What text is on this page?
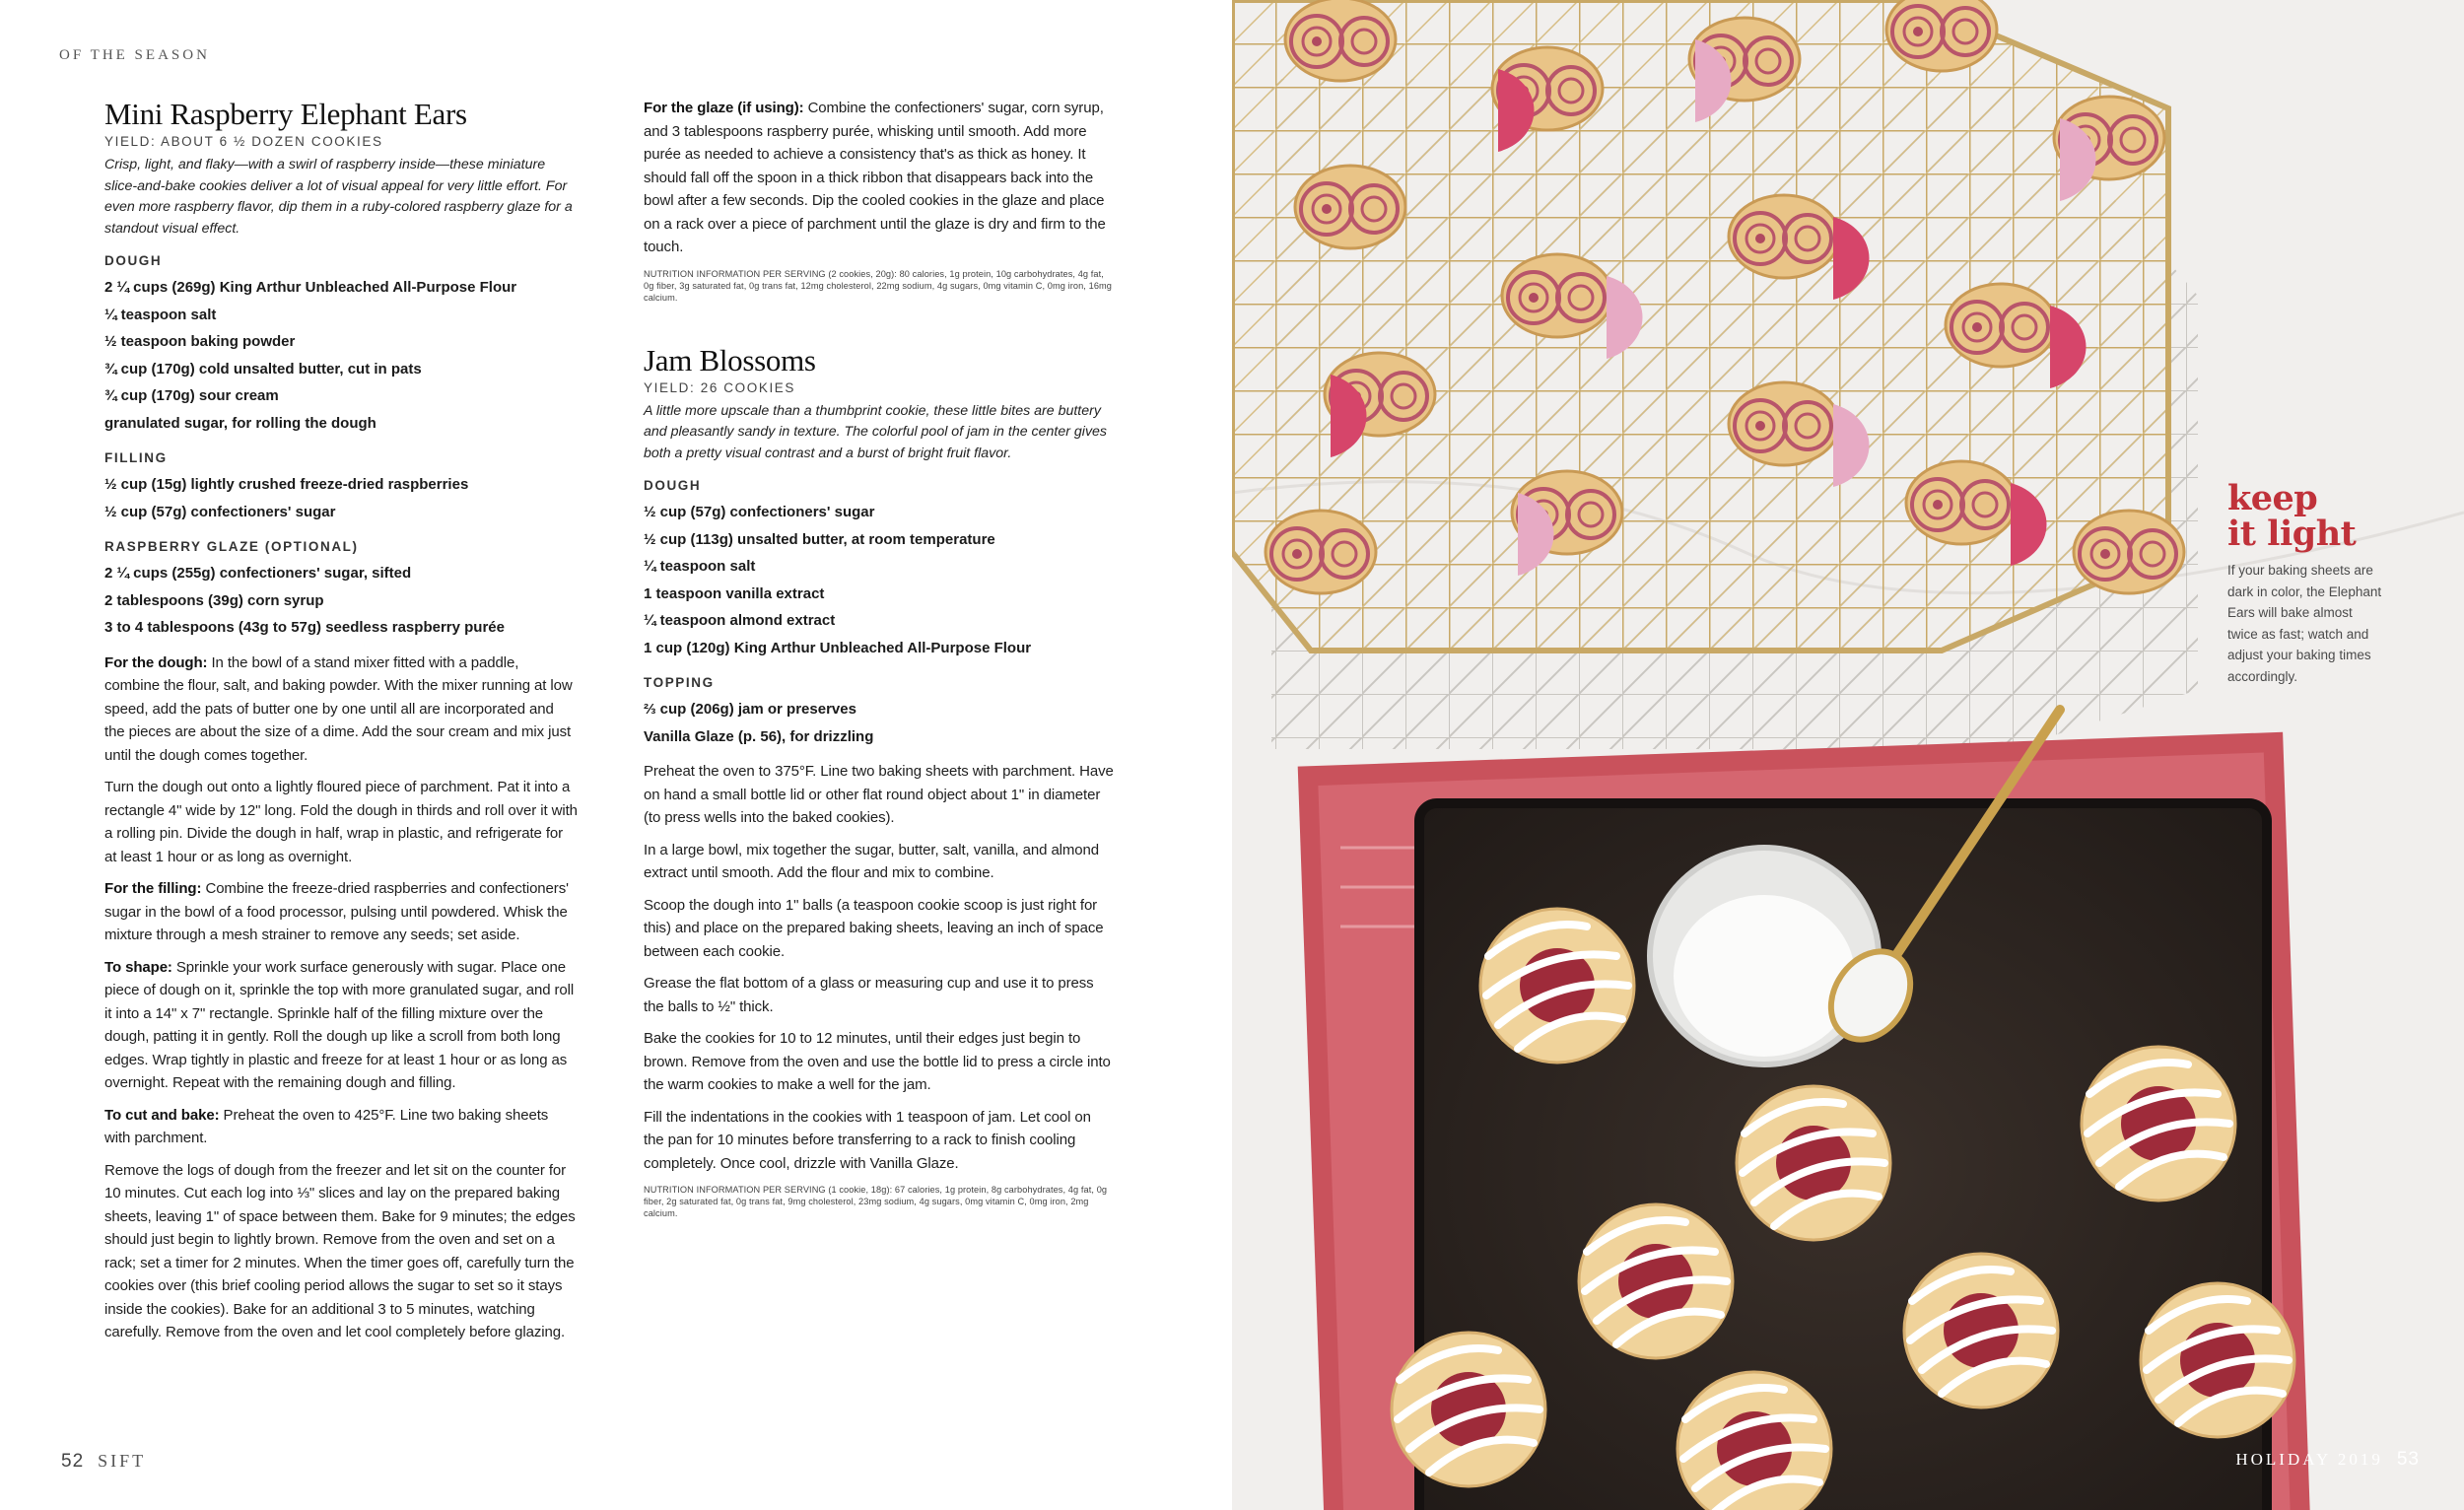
OF THE SEASON
Mini Raspberry Elephant Ears
YIELD: ABOUT 6 ½ DOZEN COOKIES

Crisp, light, and flaky—with a swirl of raspberry inside—these miniature slice-and-bake cookies deliver a lot of visual appeal for very little effort. For even more raspberry flavor, dip them in a ruby-colored raspberry glaze for a standout visual effect.

DOUGH
2 ¼ cups (269g) King Arthur Unbleached All-Purpose Flour
¼ teaspoon salt
½ teaspoon baking powder
¾ cup (170g) cold unsalted butter, cut in pats
¾ cup (170g) sour cream
granulated sugar, for rolling the dough
FILLING
½ cup (15g) lightly crushed freeze-dried raspberries
½ cup (57g) confectioners' sugar
RASPBERRY GLAZE (OPTIONAL)
2 ¼ cups (255g) confectioners' sugar, sifted
2 tablespoons (39g) corn syrup
3 to 4 tablespoons (43g to 57g) seedless raspberry purée

For the dough: In the bowl of a stand mixer fitted with a paddle, combine the flour, salt, and baking powder. With the mixer running at low speed, add the pats of butter one by one until all are incorporated and the pieces are about the size of a dime. Add the sour cream and mix just until the dough comes together.

Turn the dough out onto a lightly floured piece of parchment. Pat it into a rectangle 4" wide by 12" long. Fold the dough in thirds and roll over it with a rolling pin. Divide the dough in half, wrap in plastic, and refrigerate for at least 1 hour or as long as overnight.

For the filling: Combine the freeze-dried raspberries and confectioners' sugar in the bowl of a food processor, pulsing until powdered. Whisk the mixture through a mesh strainer to remove any seeds; set aside.

To shape: Sprinkle your work surface generously with sugar. Place one piece of dough on it, sprinkle the top with more granulated sugar, and roll it into a 14" x 7" rectangle. Sprinkle half of the filling mixture over the dough, patting it in gently. Roll the dough up like a scroll from both long edges. Wrap tightly in plastic and freeze for at least 1 hour or as long as overnight. Repeat with the remaining dough and filling.

To cut and bake: Preheat the oven to 425°F. Line two baking sheets with parchment.

Remove the logs of dough from the freezer and let sit on the counter for 10 minutes. Cut each log into ⅓" slices and lay on the prepared baking sheets, leaving 1" of space between them. Bake for 9 minutes; the edges should just begin to lightly brown. Remove from the oven and set on a rack; set a timer for 2 minutes. When the timer goes off, carefully turn the cookies over (this brief cooling period allows the sugar to set so it stays inside the cookies). Bake for an additional 3 to 5 minutes, watching carefully. Remove from the oven and let cool completely before glazing.

For the glaze (if using): Combine the confectioners' sugar, corn syrup, and 3 tablespoons raspberry purée, whisking until smooth. Add more purée as needed to achieve a consistency that's as thick as honey. It should fall off the spoon in a thick ribbon that disappears back into the bowl after a few seconds. Dip the cooled cookies in the glaze and place on a rack over a piece of parchment until the glaze is dry and firm to the touch.

NUTRITION INFORMATION PER SERVING (2 cookies, 20g): 80 calories, 1g protein, 10g carbohydrates, 4g fat, 0g fiber, 3g saturated fat, 0g trans fat, 12mg cholesterol, 22mg sodium, 4g sugars, 0mg vitamin C, 0mg iron, 16mg calcium.
Jam Blossoms
YIELD: 26 COOKIES

A little more upscale than a thumbprint cookie, these little bites are buttery and pleasantly sandy in texture. The colorful pool of jam in the center gives both a pretty visual contrast and a burst of bright fruit flavor.

DOUGH
½ cup (57g) confectioners' sugar
½ cup (113g) unsalted butter, at room temperature
¼ teaspoon salt
1 teaspoon vanilla extract
¼ teaspoon almond extract
1 cup (120g) King Arthur Unbleached All-Purpose Flour
TOPPING
⅔ cup (206g) jam or preserves
Vanilla Glaze (p. 56), for drizzling

Preheat the oven to 375°F. Line two baking sheets with parchment. Have on hand a small bottle lid or other flat round object about 1" in diameter (to press wells into the baked cookies).

In a large bowl, mix together the sugar, butter, salt, vanilla, and almond extract until smooth. Add the flour and mix to combine.

Scoop the dough into 1" balls (a teaspoon cookie scoop is just right for this) and place on the prepared baking sheets, leaving an inch of space between each cookie.

Grease the flat bottom of a glass or measuring cup and use it to press the balls to ½" thick.

Bake the cookies for 10 to 12 minutes, until their edges just begin to brown. Remove from the oven and use the bottle lid to press a circle into the warm cookies to make a well for the jam.

Fill the indentations in the cookies with 1 teaspoon of jam. Let cool on the pan for 10 minutes before transferring to a rack to finish cooling completely. Once cool, drizzle with Vanilla Glaze.

NUTRITION INFORMATION PER SERVING (1 cookie, 18g): 67 calories, 1g protein, 8g carbohydrates, 4g fat, 0g fiber, 2g saturated fat, 0g trans fat, 9mg cholesterol, 23mg sodium, 4g sugars, 0mg vitamin C, 0mg iron, 2mg calcium.
52 SIFT
keep
it light

If your baking sheets are dark in color, the Elephant Ears will bake almost twice as fast; watch and adjust your baking times accordingly.

HOLIDAY 2019 53
